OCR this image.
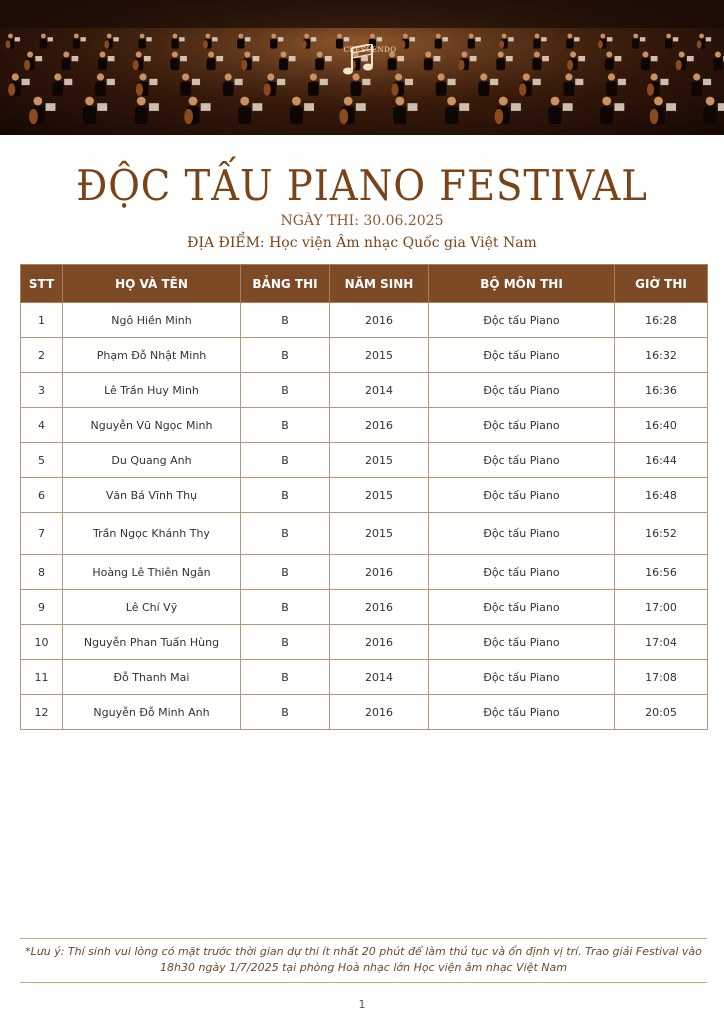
CRESCENDO
ĐỘC TẤU PIANO FESTIVAL
NGÀY THI: 30.06.2025
ĐỊA ĐIỂM: Học viện Âm nhạc Quốc gia Việt Nam
STT	HỌ VÀ TÊN	BẢNG THI	NĂM SINH	BỘ MÔN THI	GIỜ THI
1	Ngô Hiền Minh	B	2016	Độc tấu Piano	16:28
2	Phạm Đỗ Nhật Minh	B	2015	Độc tấu Piano	16:32
3	Lê Trần Huy Minh	B	2014	Độc tấu Piano	16:36
4	Nguyễn Vũ Ngọc Minh	B	2016	Độc tấu Piano	16:40
5	Du Quang Anh	B	2015	Độc tấu Piano	16:44
6	Văn Bá Vĩnh Thụ	B	2015	Độc tấu Piano	16:48
7	Trần Ngọc Khánh Thy	B	2015	Độc tấu Piano	16:52
8	Hoàng Lê Thiên Ngân	B	2016	Độc tấu Piano	16:56
9	Lê Chí Vỹ	B	2016	Độc tấu Piano	17:00
10	Nguyễn Phan Tuấn Hùng	B	2016	Độc tấu Piano	17:04
11	Đỗ Thanh Mai	B	2014	Độc tấu Piano	17:08
12	Nguyễn Đỗ Minh Anh	B	2016	Độc tấu Piano	20:05
*Lưu ý: Thí sinh vui lòng có mặt trước thời gian dự thi ít nhất 20 phút để làm thủ tục và ổn định vị trí. Trao giải Festival vào 18h30 ngày 1/7/2025 tại phòng Hoà nhạc lớn Học viện âm nhạc Việt Nam
1
